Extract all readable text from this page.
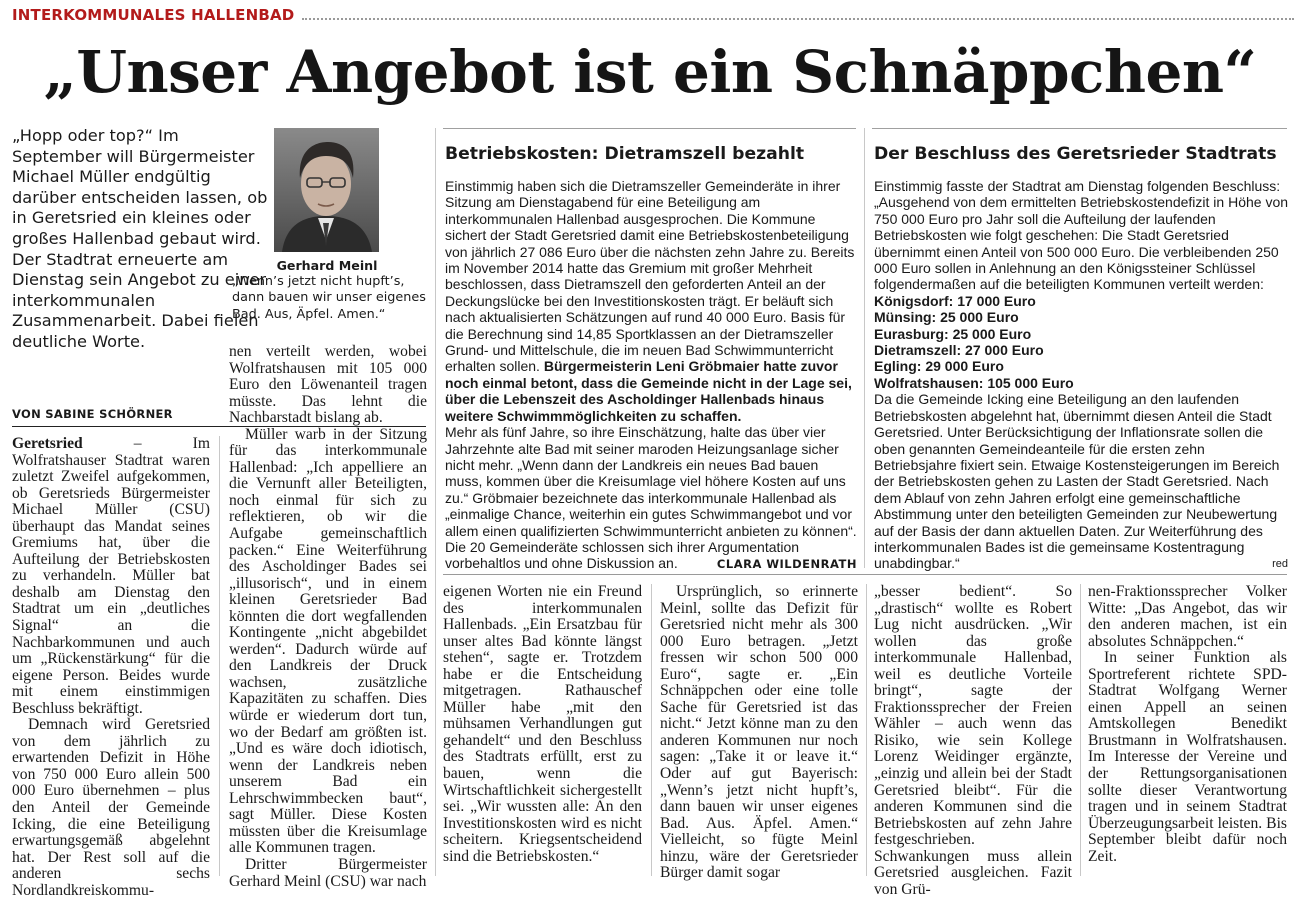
INTERKOMMUNALES HALLENBAD
„Unser Angebot ist ein Schnäppchen“

„Hopp oder top?“ Im September will Bürgermeister Michael Müller endgültig darüber entscheiden lassen, ob in Geretsried ein kleines oder großes Hallenbad gebaut wird. Der Stadtrat erneuerte am Dienstag sein Angebot zu einer interkommunalen Zusammenarbeit. Dabei fielen deutliche Worte.

Gerhard Meinl
„Wenn’s jetzt nicht hupft’s, dann bauen wir unser eigenes Bad. Aus, Äpfel. Amen.“
VON SABINE SCHÖRNER

Geretsried – Im Wolfratshauser Stadtrat waren zuletzt Zweifel aufgekommen, ob Geretsrieds Bürgermeister Michael Müller (CSU) überhaupt das Mandat seines Gremiums hat, über die Aufteilung der Betriebskosten zu verhandeln. Müller bat deshalb am Dienstag den Stadtrat um ein „deutliches Signal“ an die Nachbarkommunen und auch um „Rückenstärkung“ für die eigene Person. Beides wurde mit einem einstimmigen Beschluss bekräftigt.

Demnach wird Geretsried von dem jährlich zu erwartenden Defizit in Höhe von 750 000 Euro allein 500 000 Euro übernehmen – plus den Anteil der Gemeinde Icking, die eine Beteiligung erwartungsgemäß abgelehnt hat. Der Rest soll auf die anderen sechs Nordlandkreiskommu-

nen verteilt werden, wobei Wolfratshausen mit 105 000 Euro den Löwenanteil tragen müsste. Das lehnt die Nachbarstadt bislang ab.

Müller warb in der Sitzung für das interkommunale Hallenbad: „Ich appelliere an die Vernunft aller Beteiligten, noch einmal für sich zu reflektieren, ob wir die Aufgabe gemeinschaftlich packen.“ Eine Weiterführung des Ascholdinger Bades sei „illusorisch“, und in einem kleinen Geretsrieder Bad könnten die dort wegfallenden Kontingente „nicht abgebildet werden“. Dadurch würde auf den Landkreis der Druck wachsen, zusätzliche Kapazitäten zu schaffen. Dies würde er wiederum dort tun, wo der Bedarf am größten ist. „Und es wäre doch idiotisch, wenn der Landkreis neben unserem Bad ein Lehrschwimmbecken baut“, sagt Müller. Diese Kosten müssten über die Kreisumlage alle Kommunen tragen.

Dritter Bürgermeister Gerhard Meinl (CSU) war nach

Betriebskosten: Dietramszell bezahlt

Einstimmig haben sich die Dietramszeller Gemeinderäte in ihrer Sitzung am Dienstagabend für eine Beteiligung am interkommunalen Hallenbad ausgesprochen. Die Kommune sichert der Stadt Geretsried damit eine Betriebskostenbeteiligung von jährlich 27 086 Euro über die nächsten zehn Jahre zu. Bereits im November 2014 hatte das Gremium mit großer Mehrheit beschlossen, dass Dietramszell den geforderten Anteil an der Deckungslücke bei den Investitionskosten trägt. Er beläuft sich nach aktualisierten Schätzungen auf rund 40 000 Euro. Basis für die Berechnung sind 14,85 Sportklassen an der Dietramszeller Grund- und Mittelschule, die im neuen Bad Schwimmunterricht erhalten sollen. Bürgermeisterin Leni Gröbmaier hatte zuvor noch einmal betont, dass die Gemeinde nicht in der Lage sei, über die Lebenszeit des Ascholdinger Hallenbads hinaus weitere Schwimmmöglichkeiten zu schaffen.

Mehr als fünf Jahre, so ihre Einschätzung, halte das über vier Jahrzehnte alte Bad mit seiner maroden Heizungsanlage sicher nicht mehr. „Wenn dann der Landkreis ein neues Bad bauen muss, kommen über die Kreisumlage viel höhere Kosten auf uns zu.“ Gröbmaier bezeichnete das interkommunale Hallenbad als „einmalige Chance, weiterhin ein gutes Schwimmangebot und vor allem einen qualifizierten Schwimmunterricht anbieten zu können“. Die 20 Gemeinderäte schlossen sich ihrer Argumentation vorbehaltlos und ohne Diskussion an.	CLARA WILDENRATH

Der Beschluss des Geretsrieder Stadtrats

Einstimmig fasste der Stadtrat am Dienstag folgenden Beschluss: „Ausgehend von dem ermittelten Betriebskostendefizit in Höhe von 750 000 Euro pro Jahr soll die Aufteilung der laufenden Betriebskosten wie folgt geschehen: Die Stadt Geretsried übernimmt einen Anteil von 500 000 Euro. Die verbleibenden 250 000 Euro sollen in Anlehnung an den Königssteiner Schlüssel folgendermaßen auf die beteiligten Kommunen verteilt werden:

Königsdorf: 17 000 Euro

Münsing: 25 000 Euro

Eurasburg: 25 000 Euro

Dietramszell: 27 000 Euro

Egling: 29 000 Euro

Wolfratshausen: 105 000 Euro

Da die Gemeinde Icking eine Beteiligung an den laufenden Betriebskosten abgelehnt hat, übernimmt diesen Anteil die Stadt Geretsried. Unter Berücksichtigung der Inflationsrate sollen die oben genannten Gemeindeanteile für die ersten zehn Betriebsjahre fixiert sein. Etwaige Kostensteigerungen im Bereich der Betriebskosten gehen zu Lasten der Stadt Geretsried. Nach dem Ablauf von zehn Jahren erfolgt eine gemeinschaftliche Abstimmung unter den beteiligten Gemeinden zur Neubewertung auf der Basis der dann aktuellen Daten. Zur Weiterführung des interkommunalen Bades ist die gemeinsame Kostentragung unabdingbar.“	red

eigenen Worten nie ein Freund des interkommunalen Hallenbads. „Ein Ersatzbau für unser altes Bad könnte längst stehen“, sagte er. Trotzdem habe er die Entscheidung mitgetragen. Rathauschef Müller habe „mit den mühsamen Verhandlungen gut gehandelt“ und den Beschluss des Stadtrats erfüllt, erst zu bauen, wenn die Wirtschaftlichkeit sichergestellt sei. „Wir wussten alle: An den Investitionskosten wird es nicht scheitern. Kriegsentscheidend sind die Betriebskosten.“

Ursprünglich, so erinnerte Meinl, sollte das Defizit für Geretsried nicht mehr als 300 000 Euro betragen. „Jetzt fressen wir schon 500 000 Euro“, sagte er. „Ein Schnäppchen oder eine tolle Sache für Geretsried ist das nicht.“ Jetzt könne man zu den anderen Kommunen nur noch sagen: „Take it or leave it.“ Oder auf gut Bayerisch: „Wenn’s jetzt nicht hupft’s, dann bauen wir unser eigenes Bad. Aus. Äpfel. Amen.“ Vielleicht, so fügte Meinl hinzu, wäre der Geretsrieder Bürger damit sogar

„besser bedient“. So „drastisch“ wollte es Robert Lug nicht ausdrücken. „Wir wollen das große interkommunale Hallenbad, weil es deutliche Vorteile bringt“, sagte der Fraktionssprecher der Freien Wähler – auch wenn das Risiko, wie sein Kollege Lorenz Weidinger ergänzte, „einzig und allein bei der Stadt Geretsried bleibt“. Für die anderen Kommunen sind die Betriebskosten auf zehn Jahre festgeschrieben. Schwankungen muss allein Geretsried ausgleichen. Fazit von Grü-

nen-Fraktionssprecher Volker Witte: „Das Angebot, das wir den anderen machen, ist ein absolutes Schnäppchen.“

In seiner Funktion als Sportreferent richtete SPD-Stadtrat Wolfgang Werner einen Appell an seinen Amtskollegen Benedikt Brustmann in Wolfratshausen. Im Interesse der Vereine und der Rettungsorganisationen sollte dieser Verantwortung tragen und in seinem Stadtrat Überzeugungsarbeit leisten. Bis September bleibt dafür noch Zeit.
